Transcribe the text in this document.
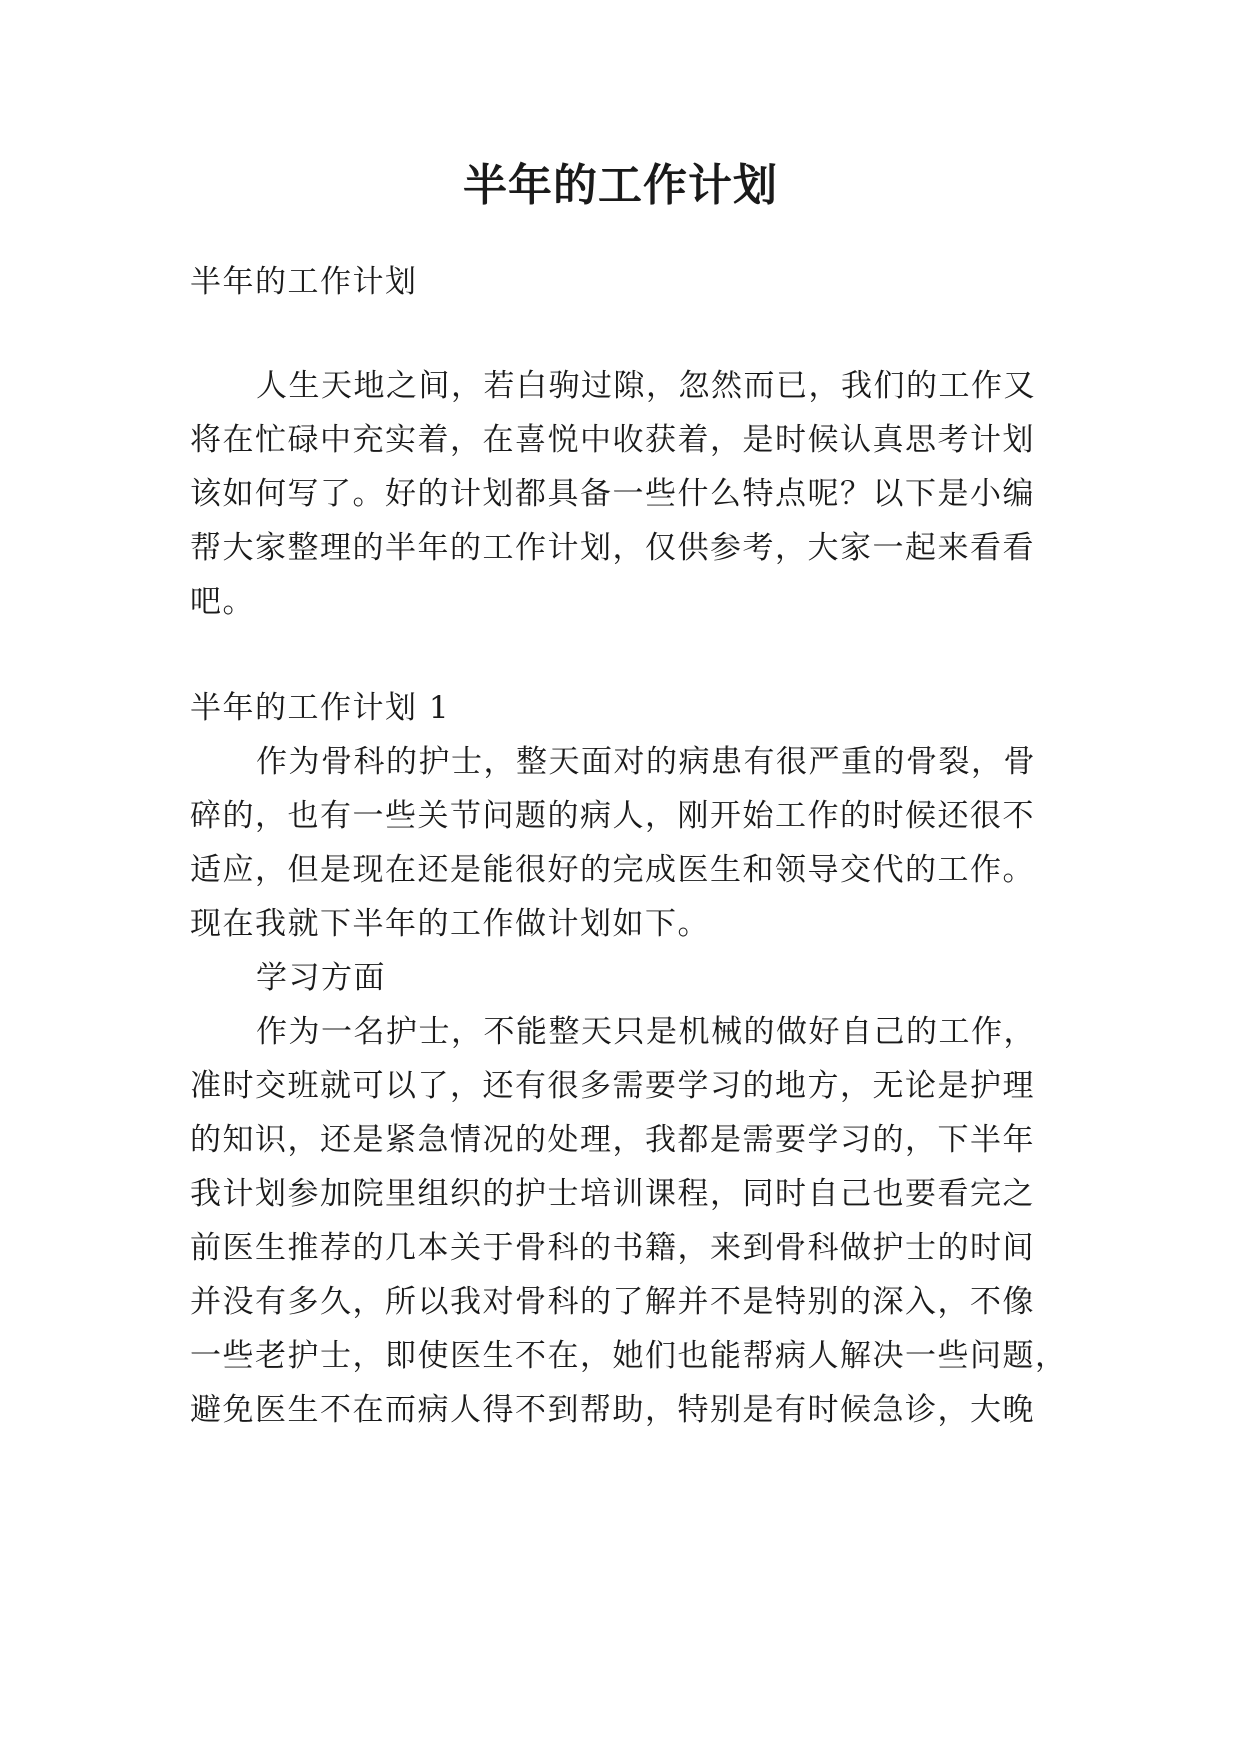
半年的工作计划
半年的工作计划
人生天地之间，若白驹过隙，忽然而已，我们的工作又
将在忙碌中充实着，在喜悦中收获着，是时候认真思考计划
该如何写了。好的计划都具备一些什么特点呢？以下是小编
帮大家整理的半年的工作计划，仅供参考，大家一起来看看
吧。
半年的工作计划 1
作为骨科的护士，整天面对的病患有很严重的骨裂，骨
碎的，也有一些关节问题的病人，刚开始工作的时候还很不
适应，但是现在还是能很好的完成医生和领导交代的工作。
现在我就下半年的工作做计划如下。
学习方面
作为一名护士，不能整天只是机械的做好自己的工作，
准时交班就可以了，还有很多需要学习的地方，无论是护理
的知识，还是紧急情况的处理，我都是需要学习的，下半年
我计划参加院里组织的护士培训课程，同时自己也要看完之
前医生推荐的几本关于骨科的书籍，来到骨科做护士的时间
并没有多久，所以我对骨科的了解并不是特别的深入，不像
一些老护士，即使医生不在，她们也能帮病人解决一些问题，
避免医生不在而病人得不到帮助，特别是有时候急诊，大晚
